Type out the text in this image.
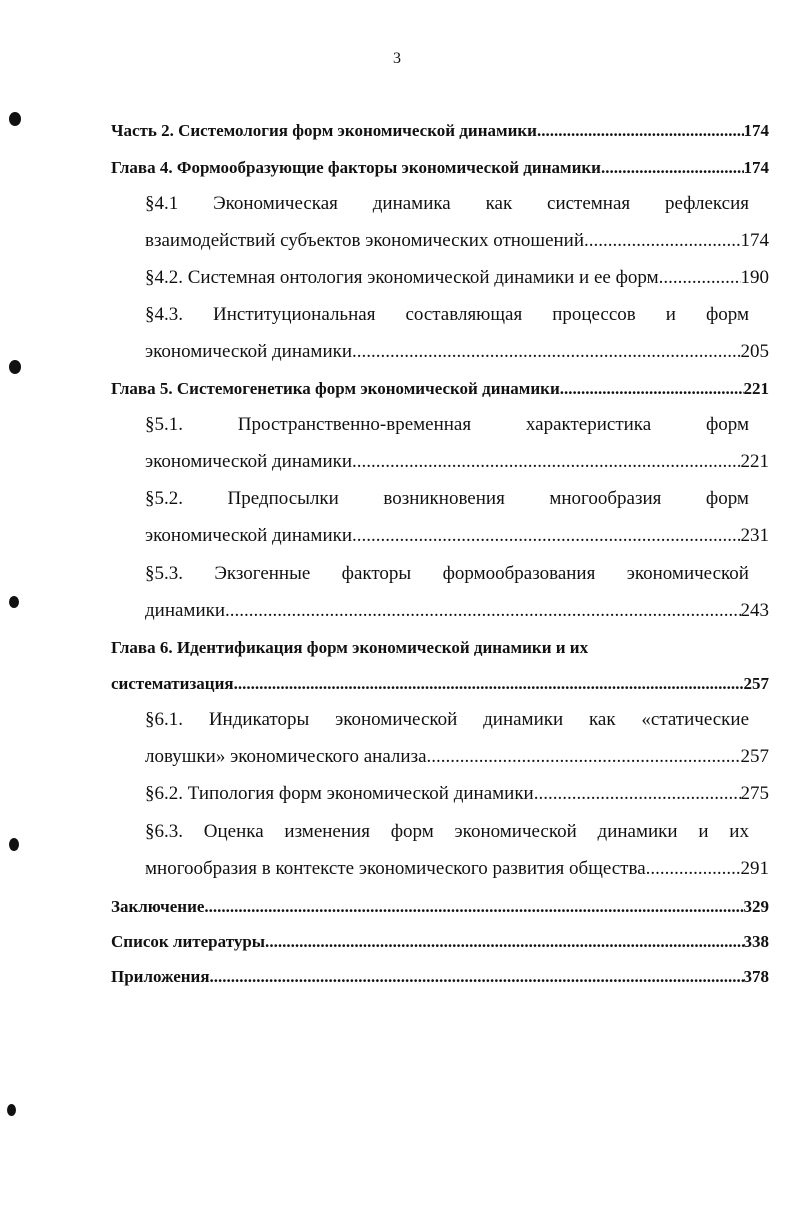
3
Часть 2. Системология форм экономической динамики .....	174
Глава 4. Формообразующие факторы экономической динамики .....	174
§4.1 Экономическая динамика как системная рефлексия
взаимодействий субъектов экономических отношений. .....	174
§4.2. Системная онтология экономической динамики и ее форм. .....	190
§4.3. Институциональная составляющая процессов и форм
экономической динамики. .....	205
Глава 5. Системогенетика форм экономической динамики. .....	221
§5.1.	Пространственно-временная	характеристика	форм
экономической динамики .....	221
§5.2. Предпосылки возникновения многообразия форм
экономической динамики. .....	231
§5.3. Экзогенные факторы формообразования экономической
динамики. .....	243
Глава 6. Идентификация форм экономической динамики и их
систематизация .....	257
§6.1. Индикаторы экономической динамики как «статические
ловушки» экономического анализа. .....	257
§6.2. Типология форм экономической динамики. .....	275
§6.3. Оценка изменения форм экономической динамики и их
многообразия в контексте экономического развития общества. .....	291
Заключение .....	329
Список литературы. .....	338
Приложения .....	378
